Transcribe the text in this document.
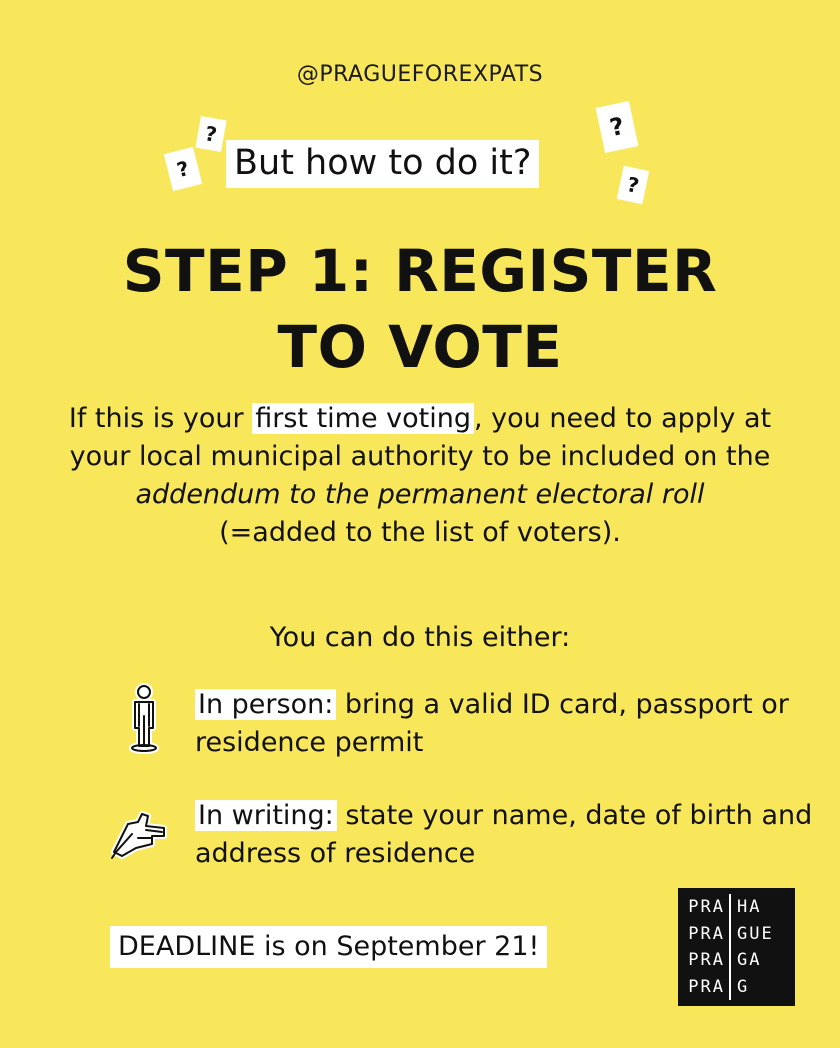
@PRAGUEFOREXPATS
?
?
?
?
But how to do it?
STEP 1: REGISTER
TO VOTE
If this is your first time voting , you need to apply at your local municipal authority to be included on the addendum to the permanent electoral roll
(=added to the list of voters).
You can do this either:
In person: bring a valid ID card, passport or residence permit
In writing: state your name, date of birth and address of residence
DEADLINE is on September 21!
PRA HA
PRA GUE
PRA GA
PRA G
